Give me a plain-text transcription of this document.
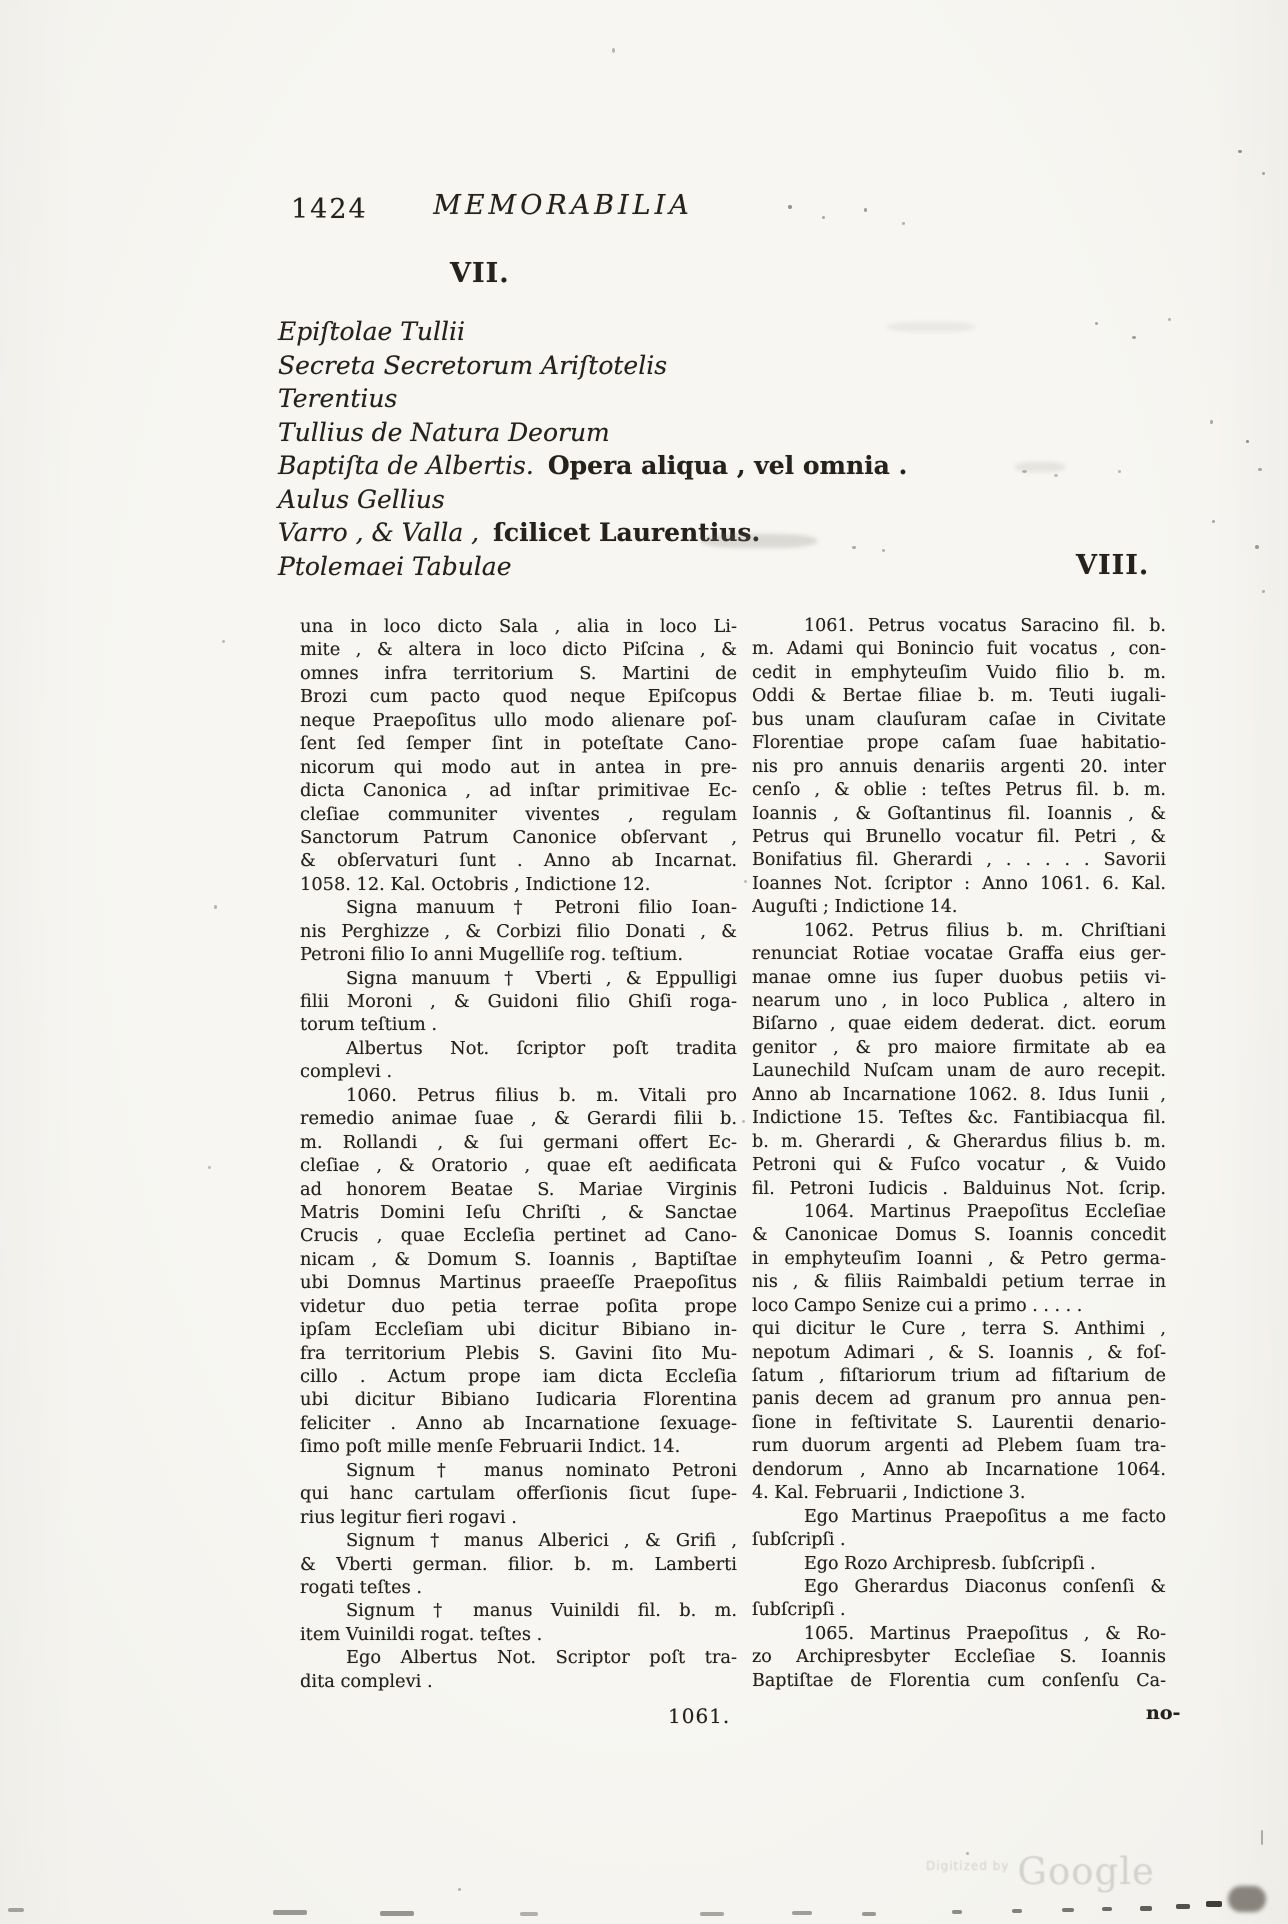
1424	MEMORABILIA
VII.
VIII.
Epiſtolae Tullii
Secreta Secretorum Ariſtotelis
Terentius
Tullius de Natura Deorum
Baptiſta de Albertis. Opera aliqua , vel omnia .
Aulus Gellius
Varro , & Valla , ſcilicet Laurentius.
Ptolemaei Tabulae
una in loco dicto Sala , alia in loco Li-
mite , & altera in loco dicto Piſcina , &
omnes infra territorium S. Martini de
Brozi cum pacto quod neque Epiſcopus
neque Praepoſitus ullo modo alienare poſ-
ſent ſed ſemper ſint in poteſtate Cano-
nicorum qui modo aut in antea in pre-
dicta Canonica , ad inſtar primitivae Ec-
cleſiae communiter viventes , regulam
Sanctorum Patrum Canonice obſervant ,
& obſervaturi ſunt . Anno ab Incarnat.
1058. 12. Kal. Octobris , Indictione 12.
Signa manuum † Petroni filio Ioan-
nis Perghizze , & Corbizi filio Donati , &
Petroni filio Io anni Mugelliſe rog. teſtium.
Signa manuum † Vberti , & Eppulligi
filii Moroni , & Guidoni filio Ghiſi roga-
torum teſtium .
Albertus Not. ſcriptor poſt tradita
complevi .
1060. Petrus filius b. m. Vitali pro
remedio animae ſuae , & Gerardi filii b.
m. Rollandi , & ſui germani offert Ec-
cleſiae , & Oratorio , quae eſt aedificata
ad honorem Beatae S. Mariae Virginis
Matris Domini Ieſu Chriſti , & Sanctae
Crucis , quae Eccleſia pertinet ad Cano-
nicam , & Domum S. Ioannis , Baptiſtae
ubi Domnus Martinus praeeſſe Praepoſitus
videtur duo petia terrae poſita prope
ipſam Eccleſiam ubi dicitur Bibiano in-
fra territorium Plebis S. Gavini ſito Mu-
cillo . Actum prope iam dicta Eccleſia
ubi dicitur Bibiano Iudicaria Florentina
feliciter . Anno ab Incarnatione ſexuage-
ſimo poſt mille menſe Februarii Indict. 14.
Signum † manus nominato Petroni
qui hanc cartulam offerſionis ſicut ſupe-
rius legitur fieri rogavi .
Signum † manus Alberici , & Grifi ,
& Vberti german. filior. b. m. Lamberti
rogati teſtes .
Signum † manus Vuinildi fil. b. m.
item Vuinildi rogat. teſtes .
Ego Albertus Not. Scriptor poſt tra-
dita complevi .
1061. Petrus vocatus Saracino fil. b.
m. Adami qui Bonincio fuit vocatus , con-
cedit in emphyteuſim Vuido filio b. m.
Oddi & Bertae filiae b. m. Teuti iugali-
bus unam clauſuram caſae in Civitate
Florentiae prope caſam ſuae habitatio-
nis pro annuis denariis argenti 20. inter
cenſo , & oblie : teſtes Petrus fil. b. m.
Ioannis , & Goſtantinus fil. Ioannis , &
Petrus qui Brunello vocatur fil. Petri , &
Bonifatius fil. Gherardi , . . . . . Savorii
Ioannes Not. ſcriptor : Anno 1061. 6. Kal.
Auguſti ; Indictione 14.
1062. Petrus filius b. m. Chriſtiani
renunciat Rotiae vocatae Graffa eius ger-
manae omne ius ſuper duobus petiis vi-
nearum uno , in loco Publica , altero in
Biſarno , quae eidem dederat. dict. eorum
genitor , & pro maiore firmitate ab ea
Launechild Nuſcam unam de auro recepit.
Anno ab Incarnatione 1062. 8. Idus Iunii ,
Indictione 15. Teſtes &c. Fantibiacqua fil.
b. m. Gherardi , & Gherardus filius b. m.
Petroni qui & Fuſco vocatur , & Vuido
fil. Petroni Iudicis . Balduinus Not. ſcrip.
1064. Martinus Praepoſitus Eccleſiae
& Canonicae Domus S. Ioannis concedit
in emphyteuſim Ioanni , & Petro germa-
nis , & filiis Raimbaldi petium terrae in
loco Campo Senize cui a primo . . . . .
qui dicitur le Cure , terra S. Anthimi ,
nepotum Adimari , & S. Ioannis , & foſ-
ſatum , fiſtariorum trium ad fiſtarium de
panis decem ad granum pro annua pen-
ſione in feſtivitate S. Laurentii denario-
rum duorum argenti ad Plebem ſuam tra-
dendorum , Anno ab Incarnatione 1064.
4. Kal. Februarii , Indictione 3.
Ego Martinus Praepoſitus a me facto
ſubſcripſi .
Ego Rozo Archipresb. ſubſcripſi .
Ego Gherardus Diaconus conſenſi &
ſubſcripſi .
1065. Martinus Praepoſitus , & Ro-
zo Archipresbyter Eccleſiae S. Ioannis
Baptiſtae de Florentia cum conſenſu Ca-
1061.	no-
$^{Digitized by}$ Google
